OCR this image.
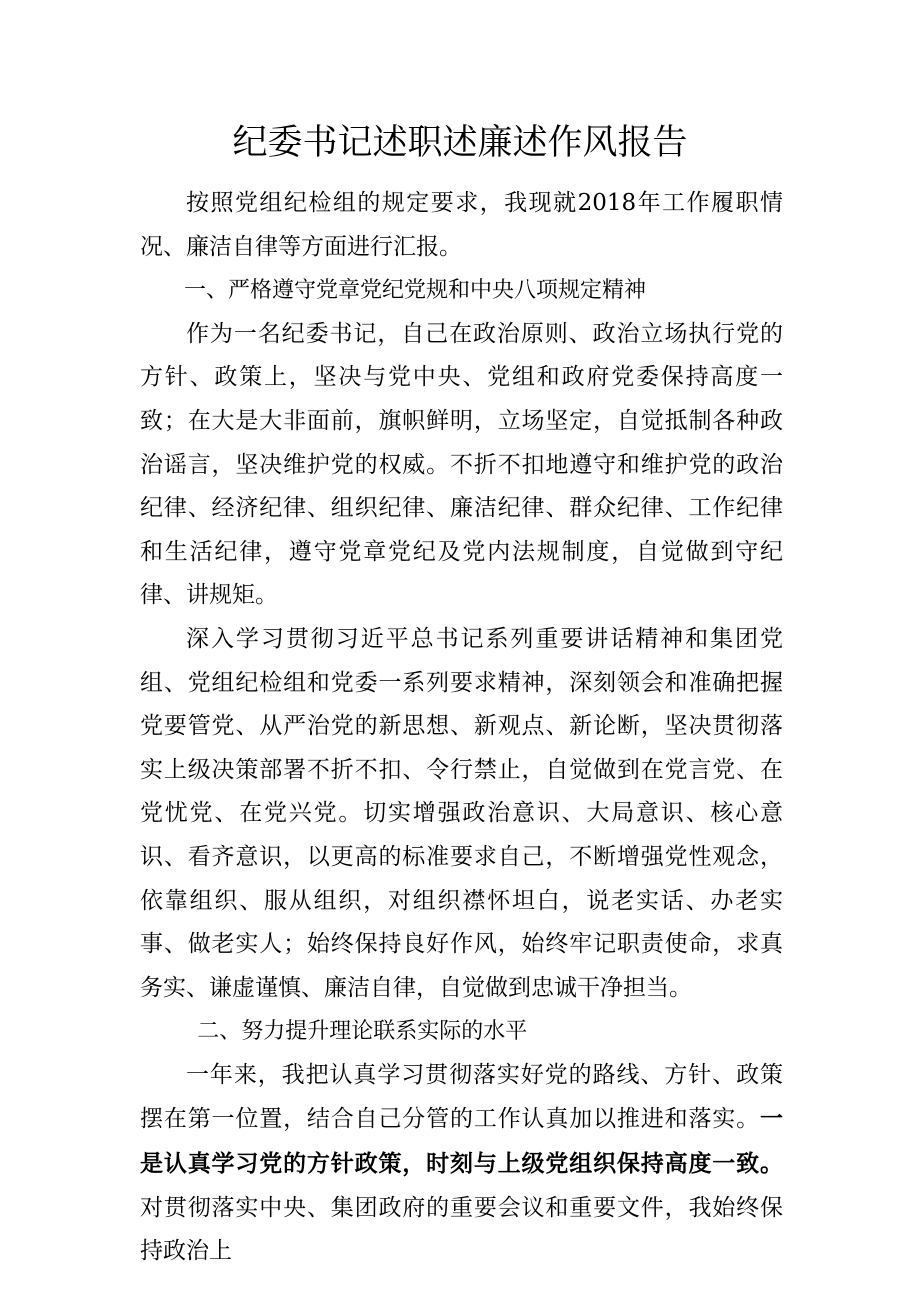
纪委书记述职述廉述作风报告

按照党组纪检组的规定要求，我现就2018年工作履职情况、廉洁自律等方面进行汇报。

一、严格遵守党章党纪党规和中央八项规定精神

作为一名纪委书记，自己在政治原则、政治立场执行党的方针、政策上，坚决与党中央、党组和政府党委保持高度一致；在大是大非面前，旗帜鲜明，立场坚定，自觉抵制各种政治谣言，坚决维护党的权威。不折不扣地遵守和维护党的政治纪律、经济纪律、组织纪律、廉洁纪律、群众纪律、工作纪律和生活纪律，遵守党章党纪及党内法规制度，自觉做到守纪律、讲规矩。

深入学习贯彻习近平总书记系列重要讲话精神和集团党组、党组纪检组和党委一系列要求精神，深刻领会和准确把握党要管党、从严治党的新思想、新观点、新论断，坚决贯彻落实上级决策部署不折不扣、令行禁止，自觉做到在党言党、在党忧党、在党兴党。切实增强政治意识、大局意识、核心意识、看齐意识，以更高的标准要求自己，不断增强党性观念，依靠组织、服从组织，对组织襟怀坦白，说老实话、办老实事、做老实人；始终保持良好作风，始终牢记职责使命，求真务实、谦虚谨慎、廉洁自律，自觉做到忠诚干净担当。

二、努力提升理论联系实际的水平

一年来，我把认真学习贯彻落实好党的路线、方针、政策摆在第一位置，结合自己分管的工作认真加以推进和落实。一是认真学习党的方针政策，时刻与上级党组织保持高度一致。对贯彻落实中央、集团政府的重要会议和重要文件，我始终保持政治上
